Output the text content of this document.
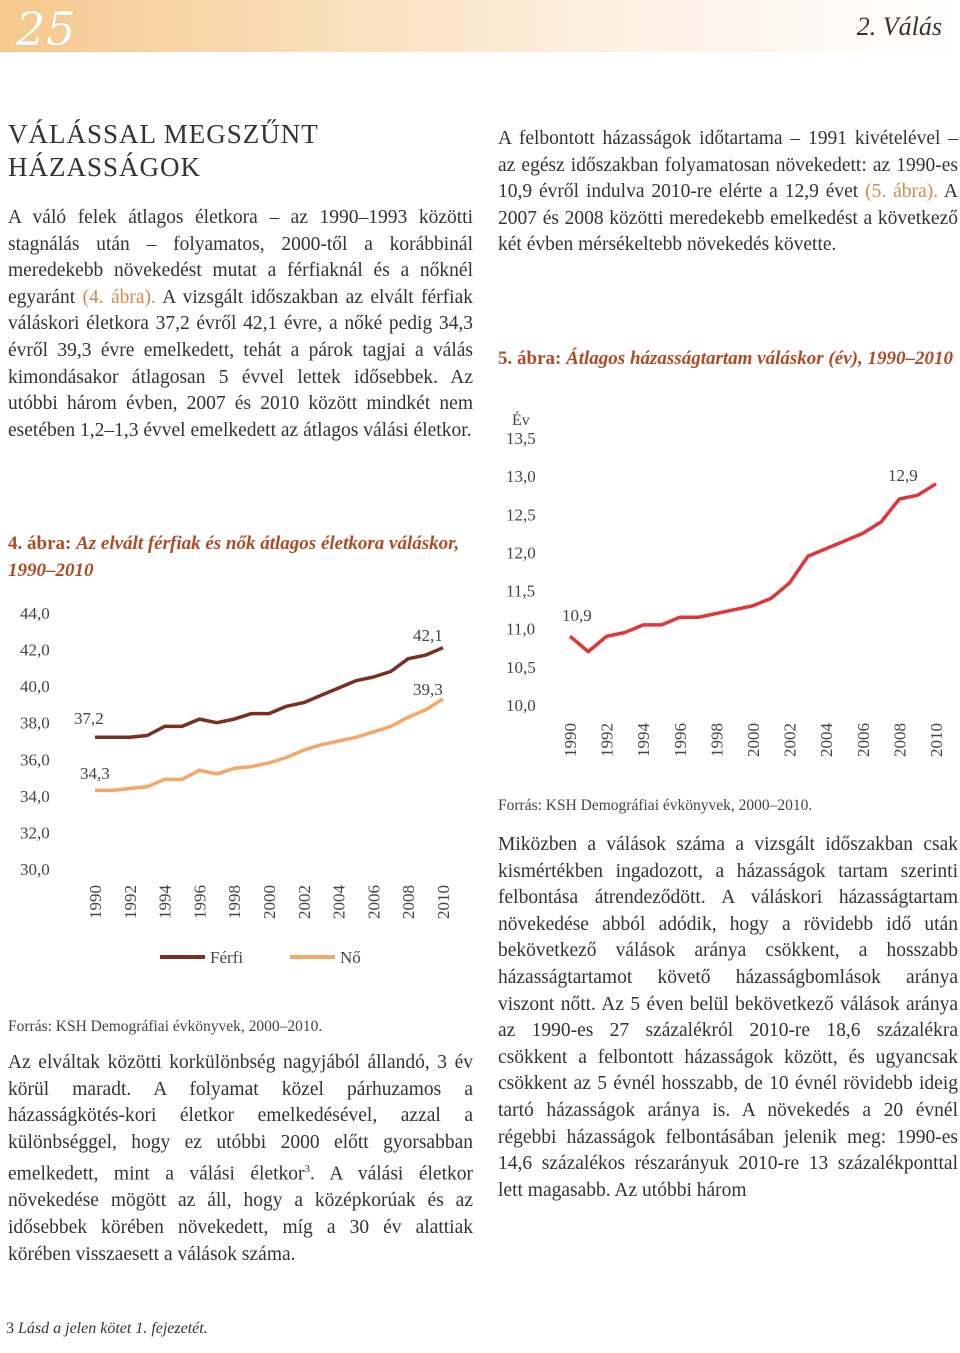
25	2. Válás
VÁLÁSSAL MEGSZŰNT HÁZASSÁGOK

A váló felek átlagos életkora – az 1990–1993 közötti stagnálás után – folyamatos, 2000-től a korábbinál meredekebb növekedést mutat a férfiaknál és a nőknél egyaránt (4. ábra). A vizsgált időszakban az elvált férfiak váláskori életkora 37,2 évről 42,1 évre, a nőké pedig 34,3 évről 39,3 évre emelkedett, tehát a párok tagjai a válás kimondásakor átlagosan 5 évvel lettek idősebbek. Az utóbbi három évben, 2007 és 2010 között mindkét nem esetében 1,2–1,3 évvel emelkedett az átlagos válási életkor.

4. ábra: Az elvált férfiak és nők átlagos életkora váláskor, 1990–2010

44,0
42,0
40,0
38,0
36,0
34,0
32,0
30,0
1990 1992 1994 1996 1998 2000 2002 2004 2006 2008 2010
37,2
34,3
42,1
39,3
Férfi	Nő
Forrás: KSH Demográfiai évkönyvek, 2000–2010.

Az elváltak közötti korkülönbség nagyjából állandó, 3 év körül maradt. A folyamat közel párhuzamos a házasságkötés-kori életkor emelkedésével, azzal a különbséggel, hogy ez utóbbi 2000 előtt gyorsabban emelkedett, mint a válási életkor$^3$. A válási életkor növekedése mögött az áll, hogy a középkorúak és az idősebbek körében növekedett, míg a 30 év alattiak körében visszaesett a válások száma.

A felbontott házasságok időtartama – 1991 kivételével – az egész időszakban folyamatosan növekedett: az 1990-es 10,9 évről indulva 2010-re elérte a 12,9 évet (5. ábra). A 2007 és 2008 közötti meredekebb emelkedést a következő két évben mérsékeltebb növekedés követte.

5. ábra: Átlagos házasságtartam váláskor (év), 1990–2010

Év
13,5
13,0
12,5
12,0
11,5
11,0
10,5
10,0
1990 1992 1994 1996 1998 2000 2002 2004 2006 2008 2010
10,9
12,9
Forrás: KSH Demográfiai évkönyvek, 2000–2010.

Miközben a válások száma a vizsgált időszakban csak kismértékben ingadozott, a házasságok tartam szerinti felbontása átrendeződött. A váláskori házasságtartam növekedése abból adódik, hogy a rövidebb idő után bekövetkező válások aránya csökkent, a hosszabb házasságtartamot követő házasságbomlások aránya viszont nőtt. Az 5 éven belül bekövetkező válások aránya az 1990-es 27 százalékról 2010-re 18,6 százalékra csökkent a felbontott házasságok között, és ugyancsak csökkent az 5 évnél hosszabb, de 10 évnél rövidebb ideig tartó házasságok aránya is. A növekedés a 20 évnél régebbi házasságok felbontásában jelenik meg: 1990-es 14,6 százalékos részarányuk 2010-re 13 százalékponttal lett magasabb. Az utóbbi három

3 Lásd a jelen kötet 1. fejezetét.
